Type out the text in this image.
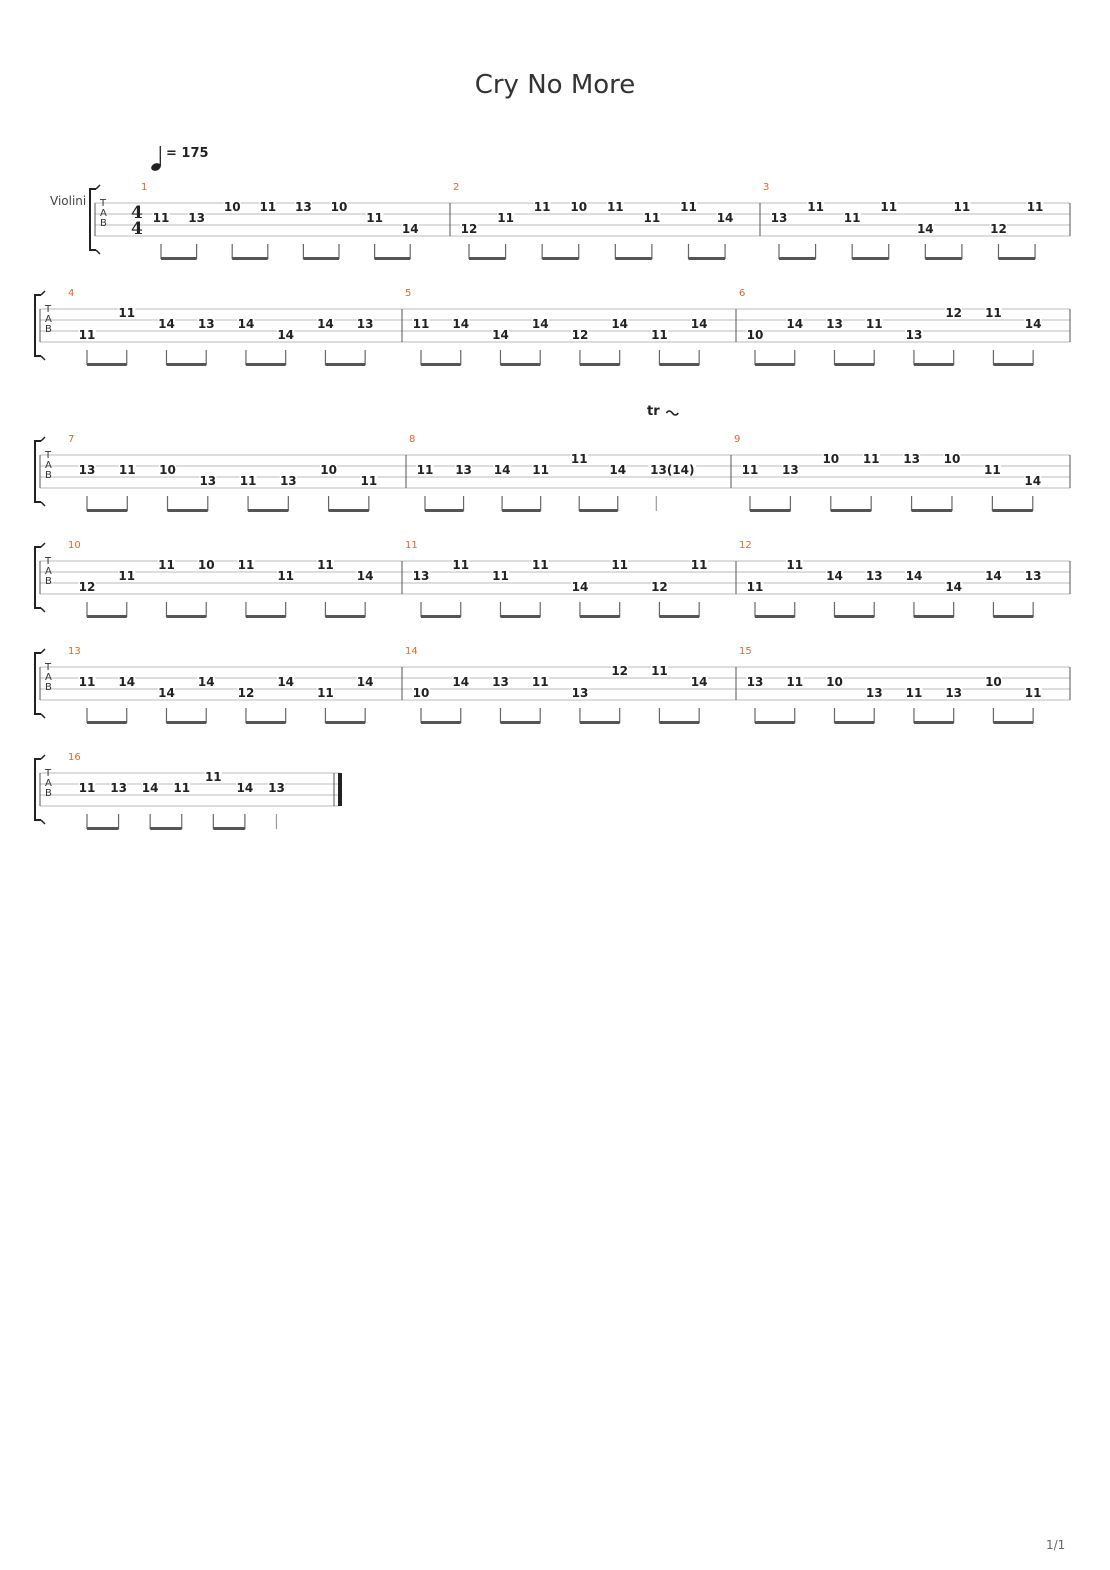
Cry No More
= 175
Violini
1/1
T
A
B
4
4
1
11 13
10 11 13 10
11
14
2
12
11
11 10 11
11
11
14
3
13
11
11
11
14
11
12
11
T
A
B
4
11
11
14 13 14
14
14 13
5
11 14
14
14
12
14
11
14
6
10
14 13 11
13
12 11
14
T
A
B
7
13 11 10
13 11 13
10
11
8
11 13 14 11
11
14 13(14)
tr
9
11 13
10 11 13 10
11
14
T
A
B
10
12
11
11 10 11
11
11
14
11
13
11
11
11
14
11
12
11
12
11
11
14 13 14
14
14 13
T
A
B
13
11 14
14
14
12
14
11
14
14
10
14 13 11
13
12 11
14
15
13 11 10
13 11 13
10
11
T
A
B
16
11 13 14 11
11
14 13
